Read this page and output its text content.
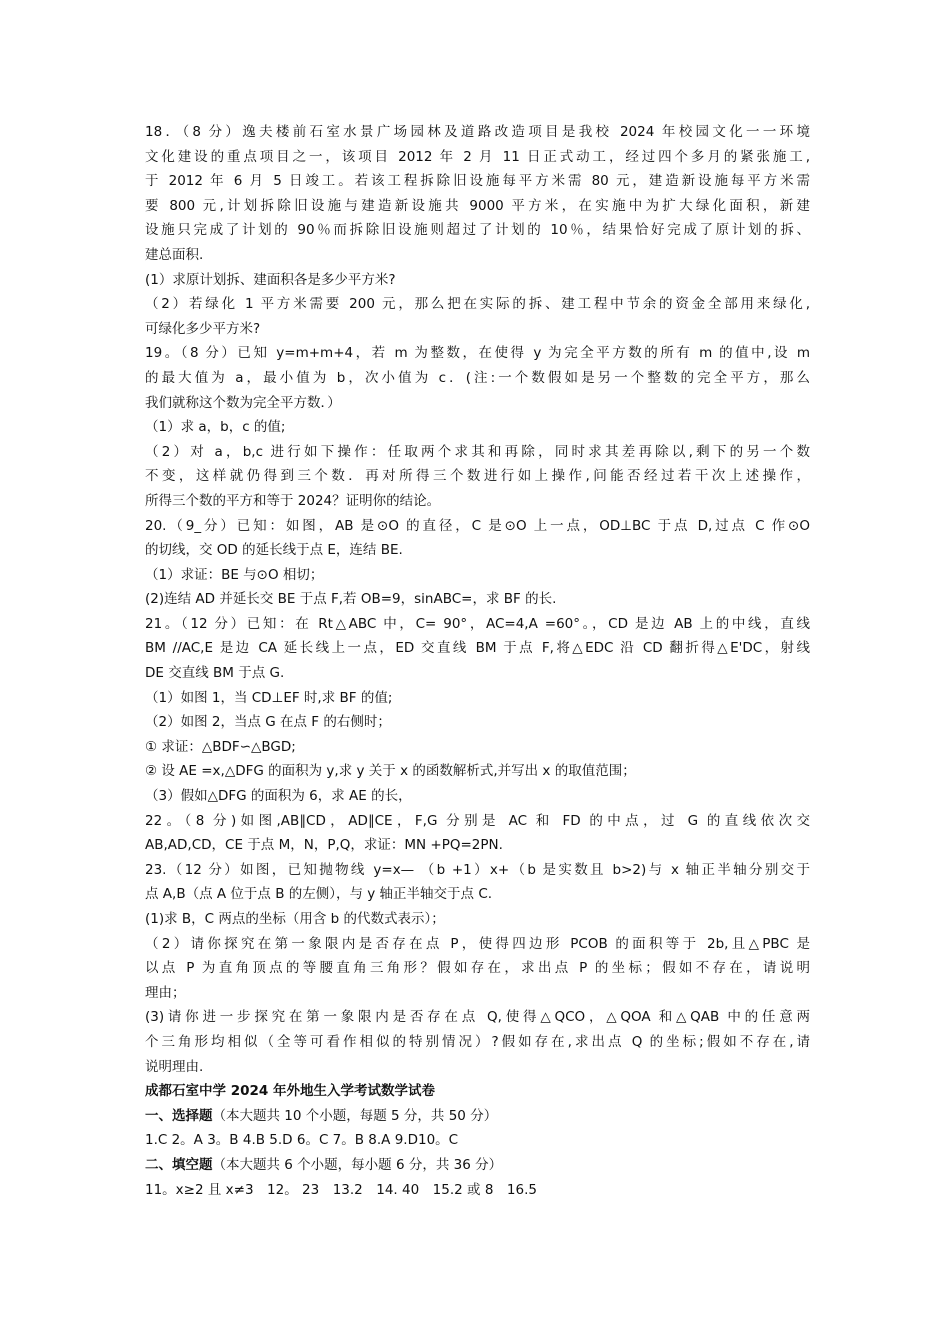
18．（8 分）逸夫楼前石室水景广场园林及道路改造项目是我校 2024 年校园文化一一环境
文化建设的重点项目之一，该项目 2012 年 2 月 11 日正式动工，经过四个多月的紧张施工,
于 2012 年 6 月 5 日竣工。若该工程拆除旧设施每平方米需 80 元，建造新设施每平方米需
要 800 元,计划拆除旧设施与建造新设施共 9000 平方米，在实施中为扩大绿化面积，新建
设施只完成了计划的 90％而拆除旧设施则超过了计划的 10％，结果恰好完成了原计划的拆、
建总面积.
(1）求原计划拆、建面积各是多少平方米?
（2）若绿化 1 平方米需要 200 元，那么把在实际的拆、建工程中节余的资金全部用来绿化,
可绿化多少平方米?
19。（8 分）已知 y=m+m+4，若 m 为整数，在使得 y 为完全平方数的所有 m 的值中,设 m
的最大值为 a，最小值为 b，次小值为 c．(注:一个数假如是另一个整数的完全平方，那么
我们就称这个数为完全平方数．）
（1）求 a，b，c 的值;
（2）对 a，b,c 进行如下操作：任取两个求其和再除，同时求其差再除以,剩下的另一个数
不变，这样就仍得到三个数．再对所得三个数进行如上操作,问能否经过若干次上述操作，
所得三个数的平方和等于 2024？证明你的结论。
20.（9_分）已知：如图，AB 是⊙O 的直径，C 是⊙O 上一点，OD⊥BC 于点 D,过点 C 作⊙O
的切线，交 OD 的延长线于点 E，连结 BE.
（1）求证：BE 与⊙O 相切；
(2)连结 AD 并延长交 BE 于点 F,若 OB=9，sinABC=，求 BF 的长.
21。（12 分）已知：在 Rt△ABC 中，C= 90°，AC=4,A =60°。，CD 是边 AB 上的中线，直线
BM //AC,E 是边 CA 延长线上一点，ED 交直线 BM 于点 F,将△EDC 沿 CD 翻折得△E'DC，射线
DE 交直线 BM 于点 G.
（1）如图 1，当 CD⊥EF 时,求 BF 的值;
（2）如图 2，当点 G 在点 F 的右侧时；
① 求证：△BDF∽△BGD;
② 设 AE =x,△DFG 的面积为 y,求 y 关于 x 的函数解析式,并写出 x 的取值范围；
（3）假如△DFG 的面积为 6，求 AE 的长，
22。（8 分)如图,AB∥CD，AD∥CE，F,G 分别是 AC 和 FD 的中点，过 G 的直线依次交
AB,AD,CD，CE 于点 M，N，P,Q，求证：MN +PQ=2PN.
23.（12 分）如图，已知抛物线 y=x— （b +1）x+（b 是实数且 b>2)与 x 轴正半轴分别交于
点 A,B（点 A 位于点 B 的左侧），与 y 轴正半轴交于点 C.
(1)求 B，C 两点的坐标（用含 b 的代数式表示）；
（2）请你探究在第一象限内是否存在点 P，使得四边形 PCOB 的面积等于 2b,且△PBC 是
以点 P 为直角顶点的等腰直角三角形？假如存在，求出点 P 的坐标；假如不存在，请说明
理由；
(3)请你进一步探究在第一象限内是否存在点 Q,使得△QCO，△QOA 和△QAB 中的任意两
个三角形均相似（全等可看作相似的特别情况）?假如存在,求出点 Q 的坐标;假如不存在,请
说明理由.
成都石室中学 2024 年外地生入学考试数学试卷
一、选择题（本大题共 10 个小题，每题 5 分，共 50 分）
1.C 2。A 3。B 4.B 5.D 6。C 7。B 8.A 9.D10。C
二、填空题（本大题共 6 个小题，每小题 6 分，共 36 分）
11。x≥2 且 x≠3　12。 23　13.2　14. 40　15.2 或 8　16.5
